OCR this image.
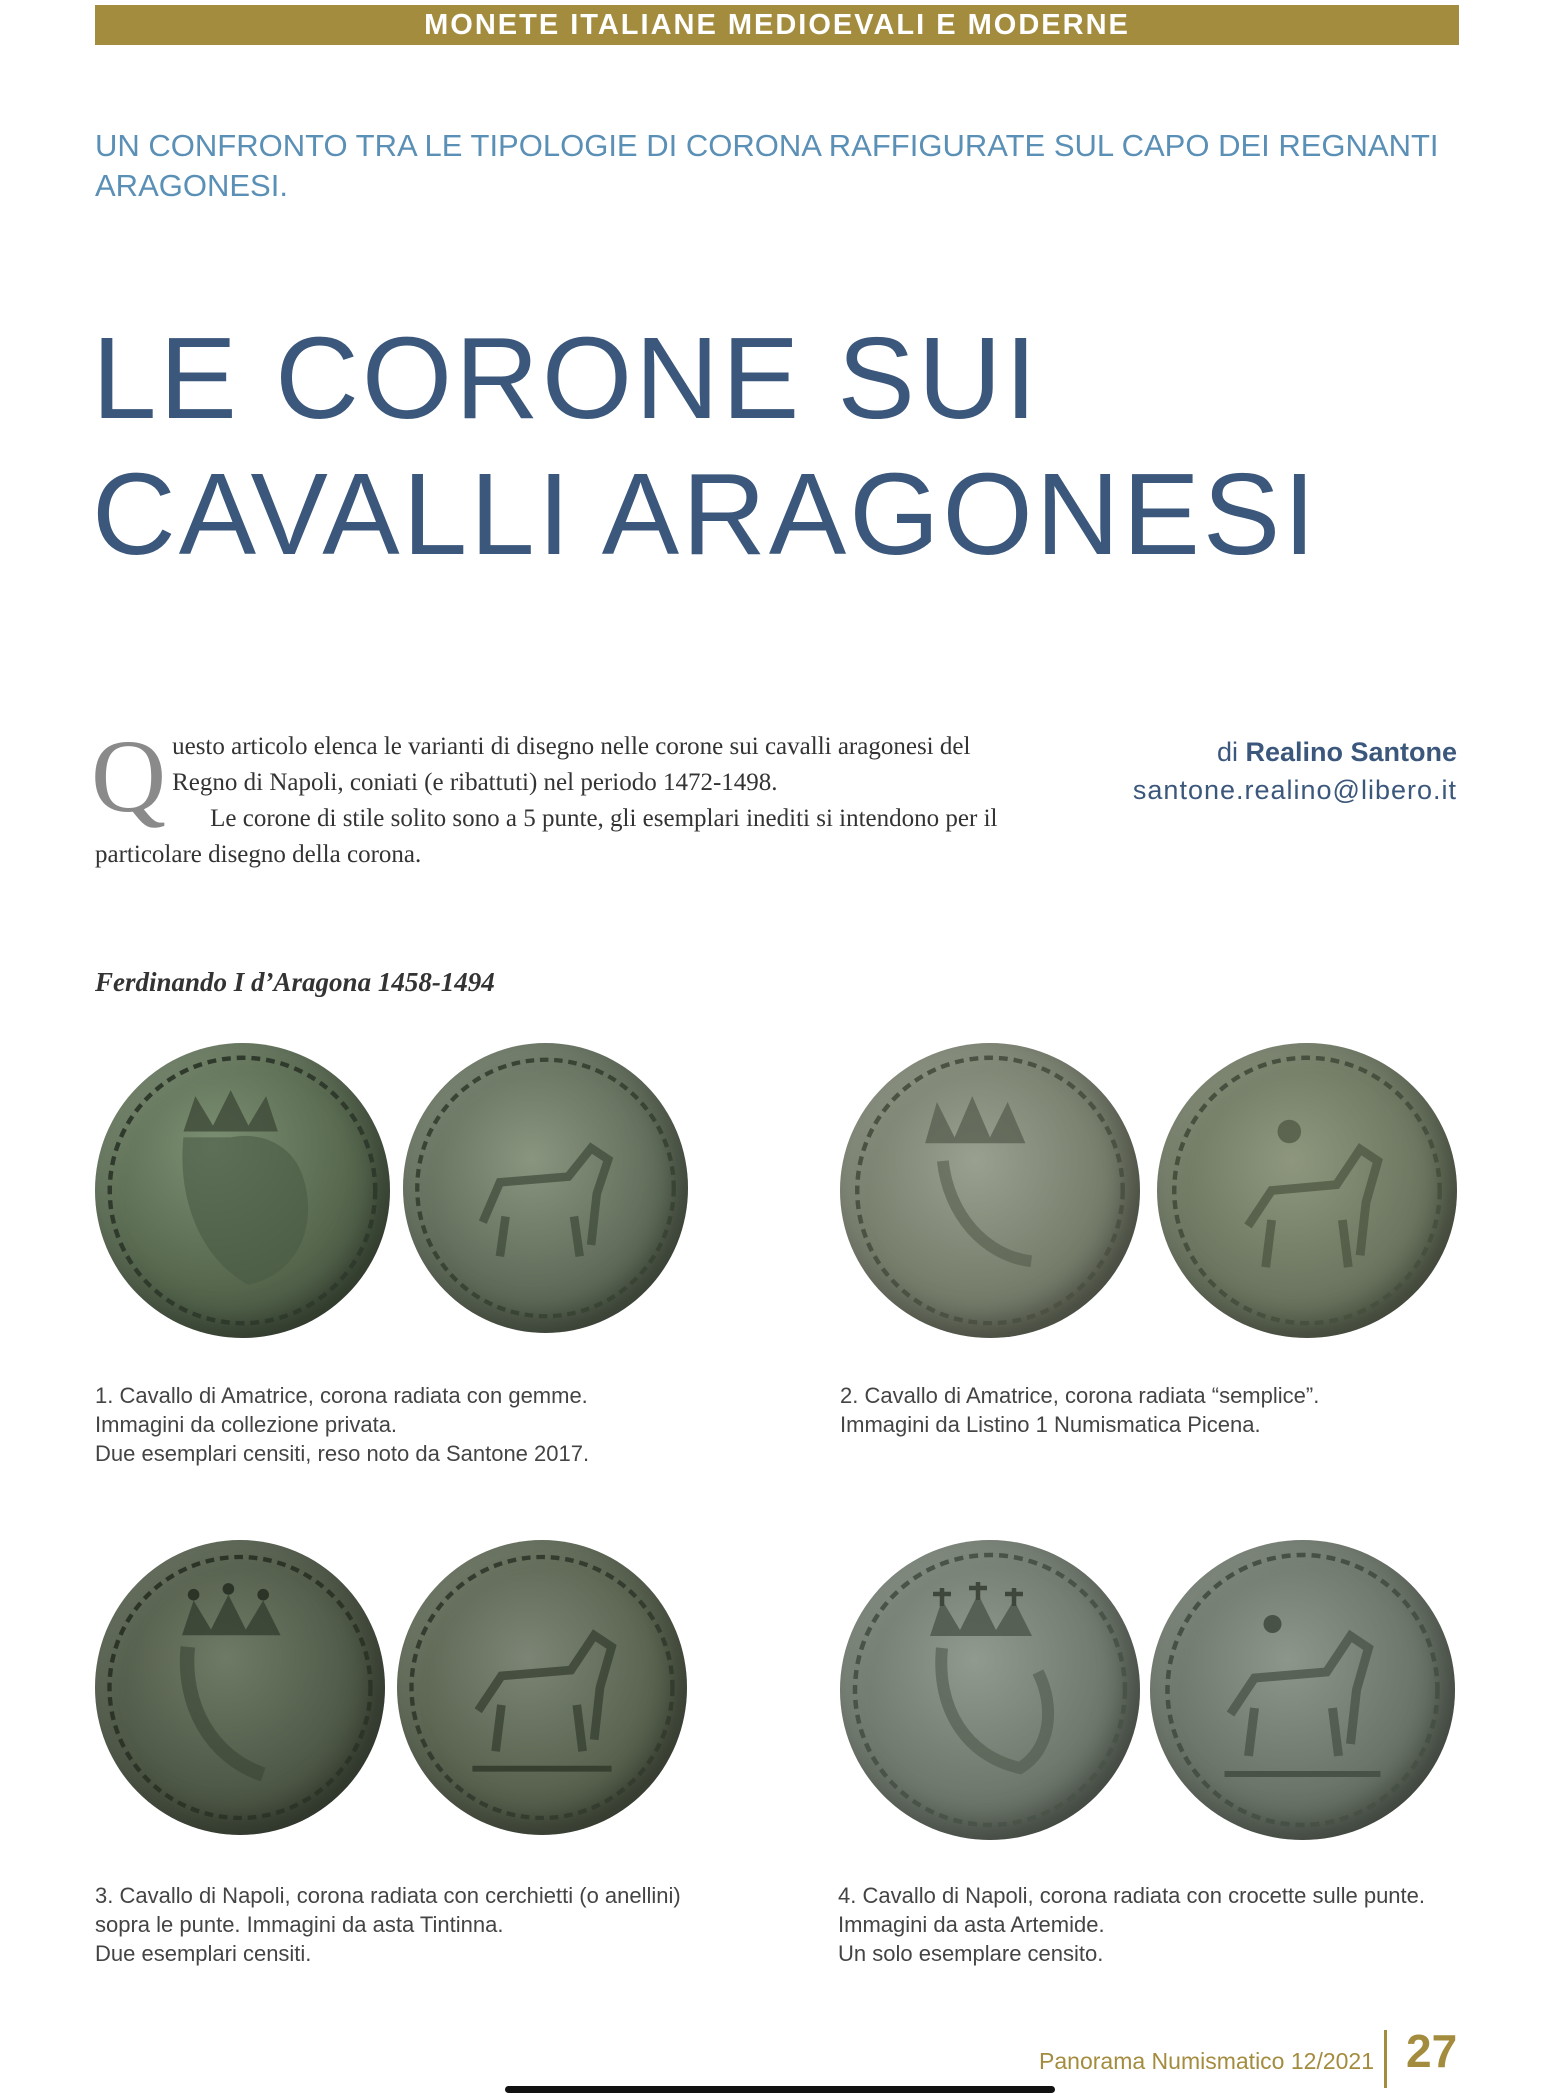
MONETE ITALIANE MEDIOEVALI E MODERNE
UN CONFRONTO TRA LE TIPOLOGIE DI CORONA RAFFIGURATE SUL CAPO DEI REGNANTI
ARAGONESI.
LE CORONE SUI
CAVALLI ARAGONESI

Questo articolo elenca le varianti di disegno nelle corone sui cavalli aragonesi del Regno di Napoli, coniati (e ribattuti) nel periodo 1472-1498.

Le corone di stile solito sono a 5 punte, gli esemplari inediti si intendono per il particolare disegno della corona.

di Realino Santone
santone.realino@libero.it
Ferdinando I d’Aragona 1458-1494
1. Cavallo di Amatrice, corona radiata con gemme.
Immagini da collezione privata.
Due esemplari censiti, reso noto da Santone 2017.
2. Cavallo di Amatrice, corona radiata “semplice”.
Immagini da Listino 1 Numismatica Picena.
3. Cavallo di Napoli, corona radiata con cerchietti (o anellini)
sopra le punte. Immagini da asta Tintinna.
Due esemplari censiti.
4. Cavallo di Napoli, corona radiata con crocette sulle punte.
Immagini da asta Artemide.
Un solo esemplare censito.
Panorama Numismatico 12/2021 27
